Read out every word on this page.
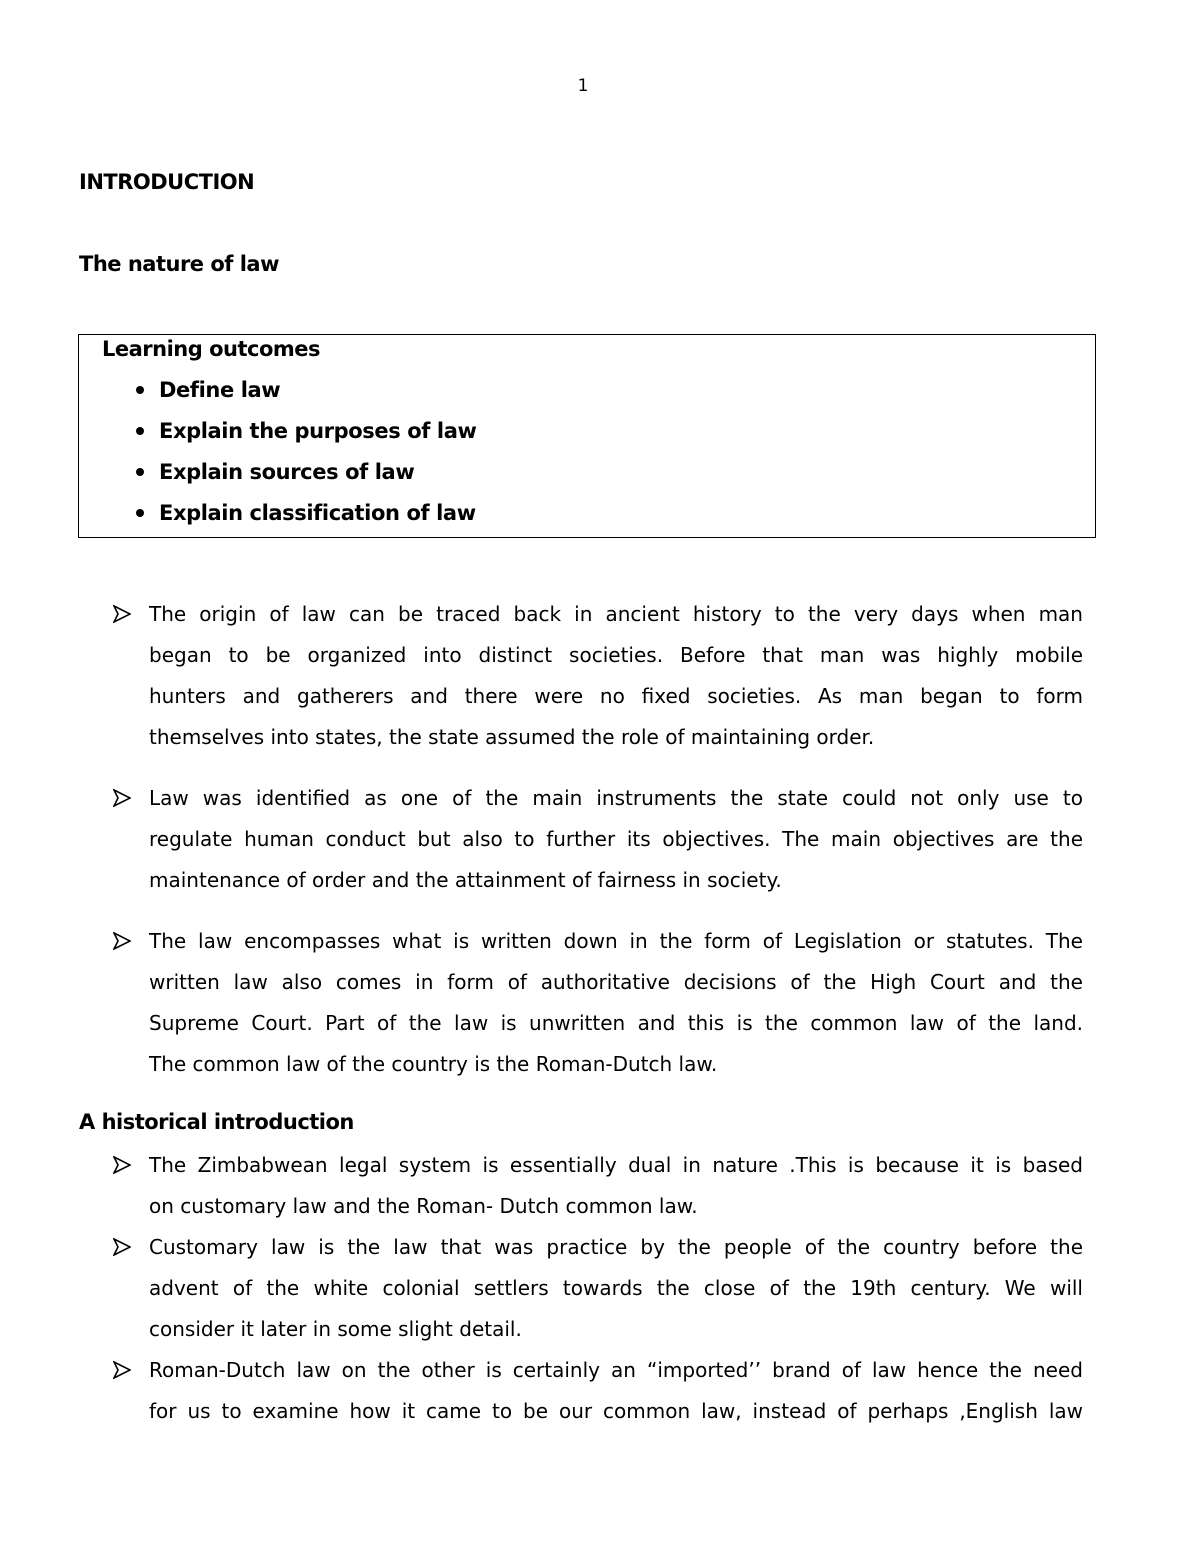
1
INTRODUCTION
The nature of law
Learning outcomes
Define law
Explain the purposes of law
Explain sources of law
Explain classification of law
The origin of law can be traced back in ancient history to the very days when man
began to be organized into distinct societies. Before that man was highly mobile
hunters and gatherers and there were no fixed societies. As man began to form
themselves into states, the state assumed the role of maintaining order.
Law was identified as one of the main instruments the state could not only use to
regulate human conduct but also to further its objectives. The main objectives are the
maintenance of order and the attainment of fairness in society.
The law encompasses what is written down in the form of Legislation or statutes. The
written law also comes in form of authoritative decisions of the High Court and the
Supreme Court. Part of the law is unwritten and this is the common law of the land.
The common law of the country is the Roman-Dutch law.
A historical introduction
The Zimbabwean legal system is essentially dual in nature .This is because it is based
on customary law and the Roman- Dutch common law.
Customary law is the law that was practice by the people of the country before the
advent of the white colonial settlers towards the close of the 19th century. We will
consider it later in some slight detail.
Roman-Dutch law on the other is certainly an “imported’’ brand of law hence the need
for us to examine how it came to be our common law, instead of perhaps ,English law
